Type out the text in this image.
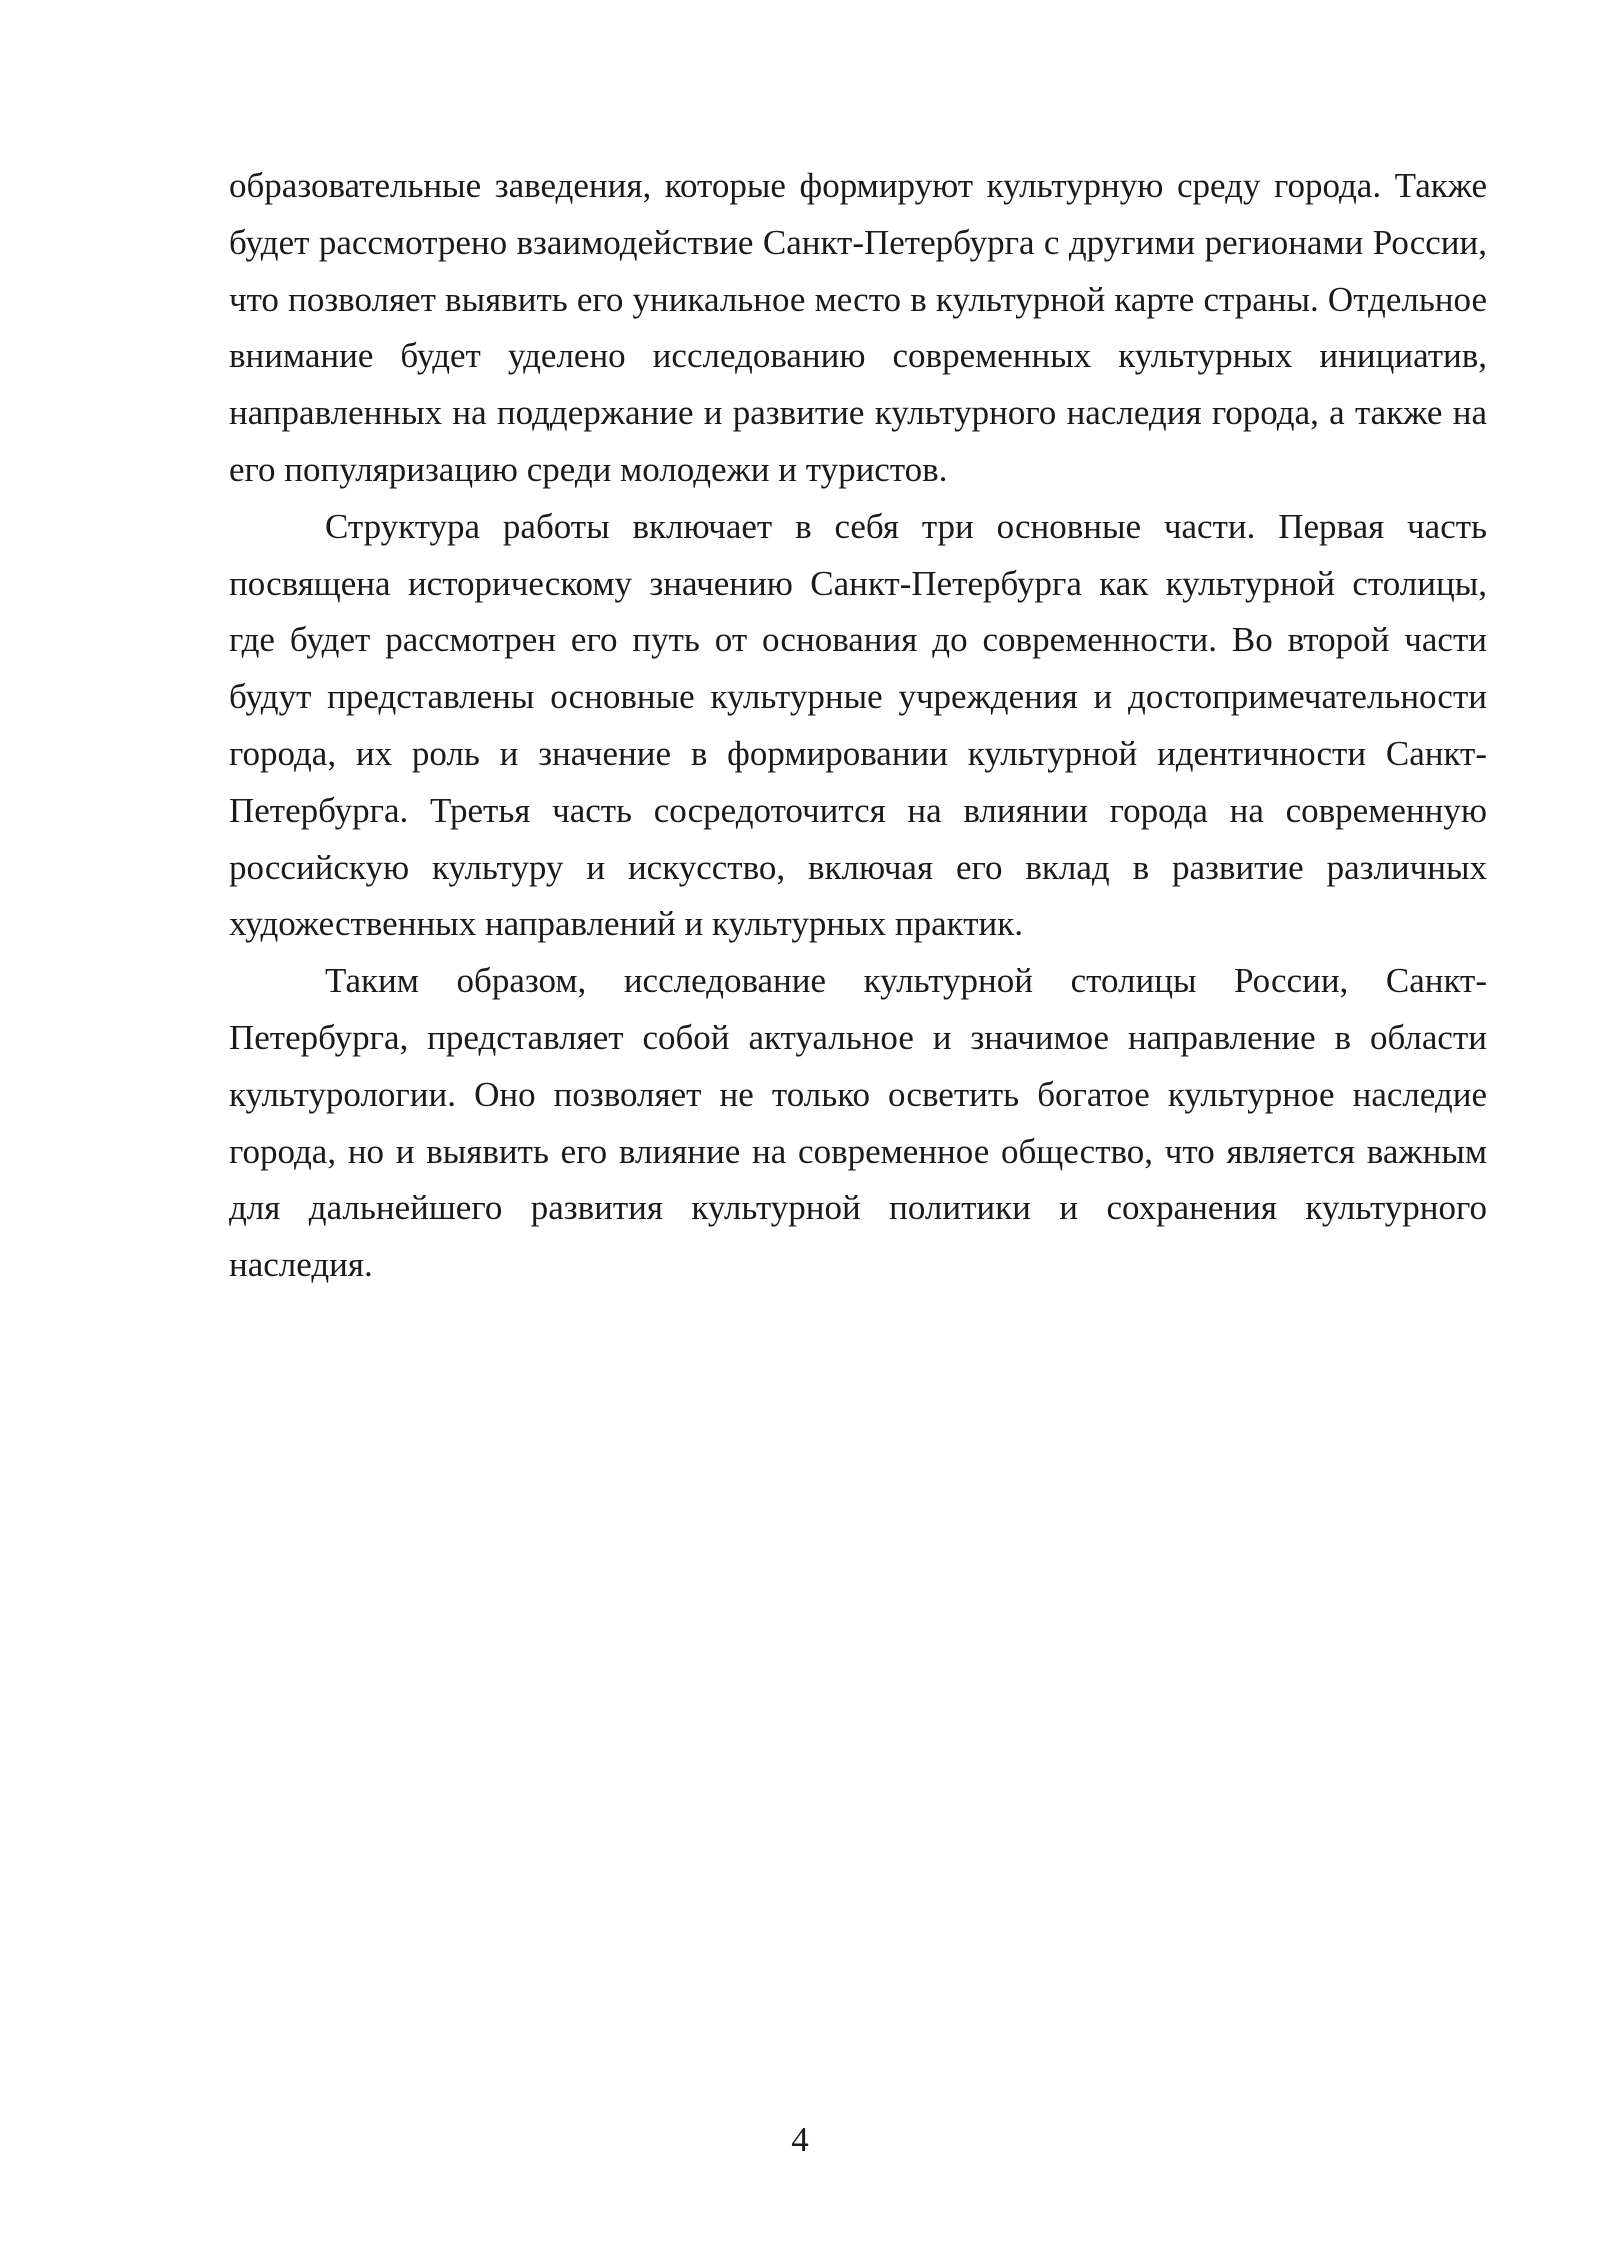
образовательные заведения, которые формируют культурную среду города. Также будет рассмотрено взаимодействие Санкт-Петербурга с другими регионами России, что позволяет выявить его уникальное место в культурной карте страны. Отдельное внимание будет уделено исследованию современных культурных инициатив, направленных на поддержание и развитие культурного наследия города, а также на его популяризацию среди молодежи и туристов.

Структура работы включает в себя три основные части. Первая часть посвящена историческому значению Санкт-Петербурга как культурной столицы, где будет рассмотрен его путь от основания до современности. Во второй части будут представлены основные культурные учреждения и достопримечательности города, их роль и значение в формировании культурной идентичности Санкт-Петербурга. Третья часть сосредоточится на влиянии города на современную российскую культуру и искусство, включая его вклад в развитие различных художественных направлений и культурных практик.

Таким образом, исследование культурной столицы России, Санкт-Петербурга, представляет собой актуальное и значимое направление в области культурологии. Оно позволяет не только осветить богатое культурное наследие города, но и выявить его влияние на современное общество, что является важным для дальнейшего развития культурной политики и сохранения культурного наследия.

4
